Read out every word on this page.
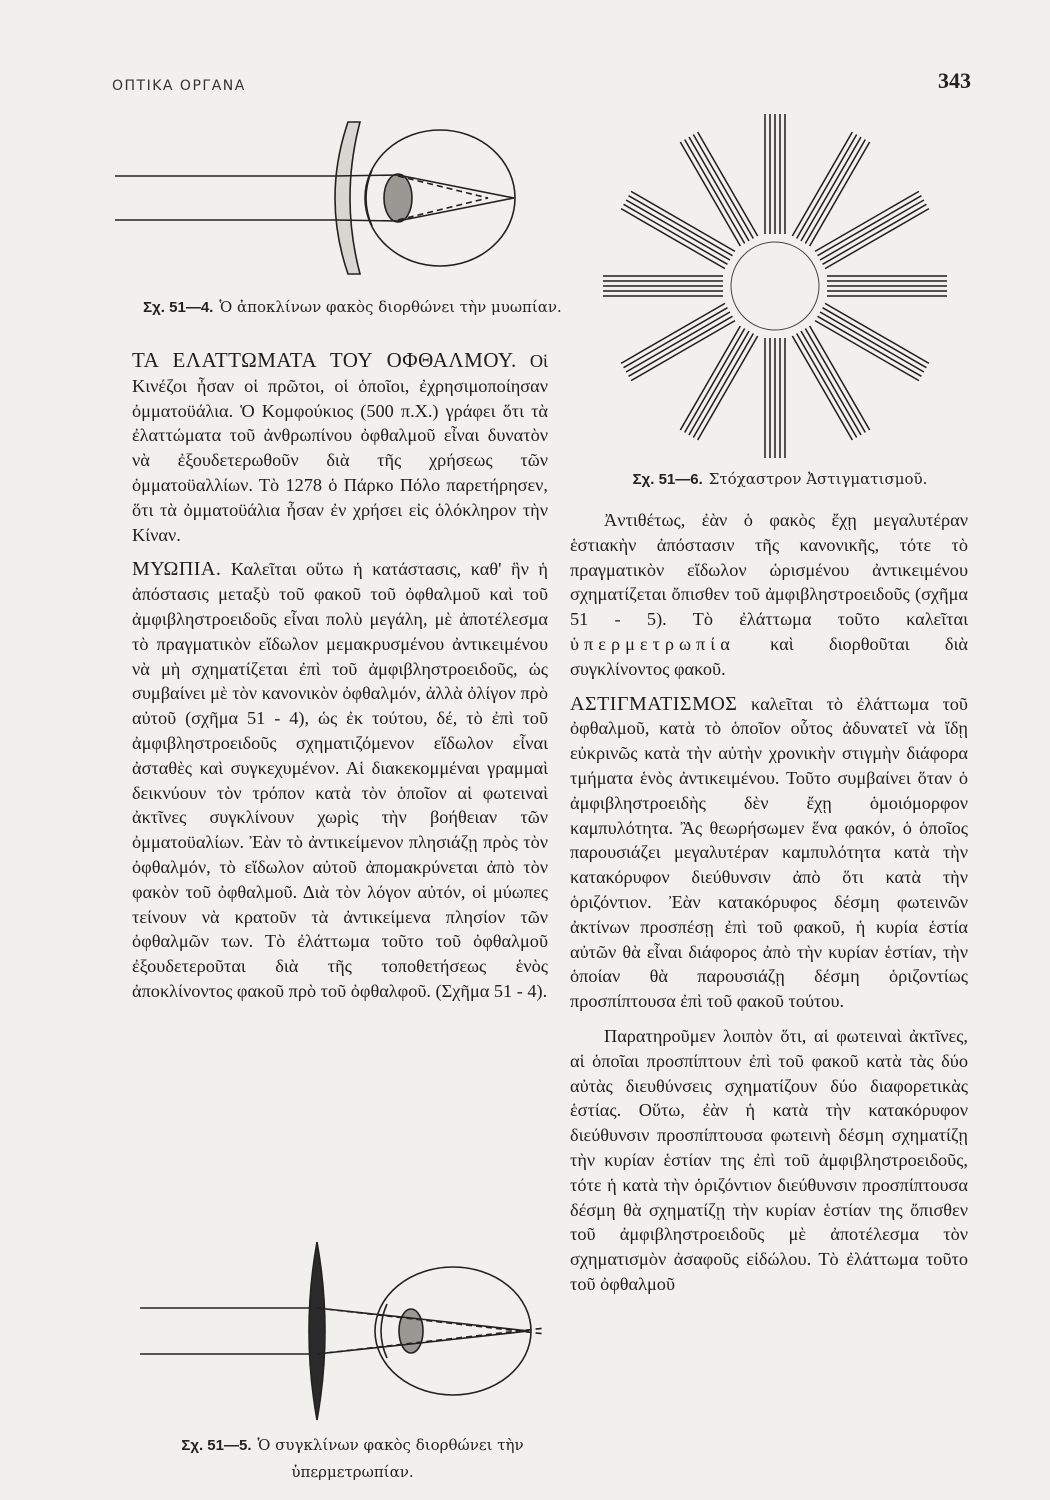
ΟΠΤΙΚΑ ΟΡΓΑΝΑ	343
Σχ. 51—4. Ὁ ἀποκλίνων φακὸς διορθώνει τὴν μυωπίαν.
Σχ. 51—6. Στόχαστρον Ἀστιγματισμοῦ.

ΤΑ ΕΛΑΤΤΩΜΑΤΑ ΤΟΥ ΟΦΘΑΛΜΟΥ. Οἱ Κινέζοι ἦσαν οἱ πρῶτοι, οἱ ὁποῖοι, ἐχρησιμοποίησαν ὀμματοϋάλια. Ὁ Κομφούκιος (500 π.Χ.) γράφει ὅτι τὰ ἐλαττώματα τοῦ ἀνθρωπίνου ὀφθαλμοῦ εἶναι δυνατὸν νὰ ἐξουδετερωθοῦν διὰ τῆς χρήσεως τῶν ὀμματοϋαλλίων. Τὸ 1278 ὁ Πάρκο Πόλο παρετήρησεν, ὅτι τὰ ὀμματοϋάλια ἦσαν ἐν χρήσει εἰς ὁλόκληρον τὴν Κίναν.

ΜΥΩΠΙΑ. Καλεῖται οὕτω ἡ κατάστασις, καθ' ἣν ἡ ἀπόστασις μεταξὺ τοῦ φακοῦ τοῦ ὀφθαλμοῦ καὶ τοῦ ἀμφιβληστροειδοῦς εἶναι πολὺ μεγάλη, μὲ ἀποτέλεσμα τὸ πραγματικὸν εἴδωλον μεμακρυσμένου ἀντικειμένου νὰ μὴ σχηματίζεται ἐπὶ τοῦ ἀμφιβληστροειδοῦς, ὡς συμβαίνει μὲ τὸν κανονικὸν ὀφθαλμόν, ἀλλὰ ὀλίγον πρὸ αὐτοῦ (σχῆμα 51 - 4), ὡς ἐκ τούτου, δέ, τὸ ἐπὶ τοῦ ἀμφιβληστροειδοῦς σχηματιζόμενον εἴδωλον εἶναι ἀσταθὲς καὶ συγκεχυμένον. Αἱ διακεκομμέναι γραμμαὶ δεικνύουν τὸν τρόπον κατὰ τὸν ὁποῖον αἱ φωτειναὶ ἀκτῖνες συγκλίνουν χωρὶς τὴν βοήθειαν τῶν ὀμματοϋαλίων. Ἐὰν τὸ ἀντικείμενον πλησιάζῃ πρὸς τὸν ὀφθαλμόν, τὸ εἴδωλον αὐτοῦ ἀπομακρύνεται ἀπὸ τὸν φακὸν τοῦ ὀφθαλμοῦ. Διὰ τὸν λόγον αὐτόν, οἱ μύωπες τείνουν νὰ κρατοῦν τὰ ἀντικείμενα πλησίον τῶν ὀφθαλμῶν των. Τὸ ἐλάττωμα τοῦτο τοῦ ὀφθαλμοῦ ἐξουδετεροῦται διὰ τῆς τοποθετήσεως ἑνὸς ἀποκλίνοντος φακοῦ πρὸ τοῦ ὀφθαλφοῦ. (Σχῆμα 51 - 4).

Σχ. 51—5. Ὁ συγκλίνων φακὸς διορθώνει τὴν ὑπερμετρωπίαν.

Ἀντιθέτως, ἐὰν ὁ φακὸς ἔχῃ μεγαλυτέραν ἑστιακὴν ἀπόστασιν τῆς κανονικῆς, τότε τὸ πραγματικὸν εἴδωλον ὡρισμένου ἀντικειμένου σχηματίζεται ὄπισθεν τοῦ ἀμφιβληστροειδοῦς (σχῆμα 51 - 5). Τὸ ἐλάττωμα τοῦτο καλεῖται ὑπερμετρωπία καὶ διορθοῦται διὰ συγκλίνοντος φακοῦ.

ΑΣΤΙΓΜΑΤΙΣΜΟΣ καλεῖται τὸ ἐλάττωμα τοῦ ὀφθαλμοῦ, κατὰ τὸ ὁποῖον οὗτος ἀδυνατεῖ νὰ ἴδῃ εὐκρινῶς κατὰ τὴν αὐτὴν χρονικὴν στιγμὴν διάφορα τμήματα ἑνὸς ἀντικειμένου. Τοῦτο συμβαίνει ὅταν ὁ ἀμφιβληστροειδὴς δὲν ἔχῃ ὁμοιόμορφον καμπυλότητα. Ἂς θεωρήσωμεν ἕνα φακόν, ὁ ὁποῖος παρουσιάζει μεγαλυτέραν καμπυλότητα κατὰ τὴν κατακόρυφον διεύθυνσιν ἀπὸ ὅτι κατὰ τὴν ὁριζόντιον. Ἐὰν κατακόρυφος δέσμη φωτεινῶν ἀκτίνων προσπέσῃ ἐπὶ τοῦ φακοῦ, ἡ κυρία ἑστία αὐτῶν θὰ εἶναι διάφορος ἀπὸ τὴν κυρίαν ἑστίαν, τὴν ὁποίαν θὰ παρουσιάζῃ δέσμη ὁριζοντίως προσπίπτουσα ἐπὶ τοῦ φακοῦ τούτου.

Παρατηροῦμεν λοιπὸν ὅτι, αἱ φωτειναὶ ἀκτῖνες, αἱ ὁποῖαι προσπίπτουν ἐπὶ τοῦ φακοῦ κατὰ τὰς δύο αὐτὰς διευθύνσεις σχηματίζουν δύο διαφορετικὰς ἑστίας. Οὕτω, ἐὰν ἡ κατὰ τὴν κατακόρυφον διεύθυνσιν προσπίπτουσα φωτεινὴ δέσμη σχηματίζῃ τὴν κυρίαν ἑστίαν της ἐπὶ τοῦ ἀμφιβληστροειδοῦς, τότε ἡ κατὰ τὴν ὁριζόντιον διεύθυνσιν προσπίπτουσα δέσμη θὰ σχηματίζῃ τὴν κυρίαν ἑστίαν της ὄπισθεν τοῦ ἀμφιβληστροειδοῦς μὲ ἀποτέλεσμα τὸν σχηματισμὸν ἀσαφοῦς εἰδώλου. Τὸ ἐλάττωμα τοῦτο τοῦ ὀφθαλμοῦ
